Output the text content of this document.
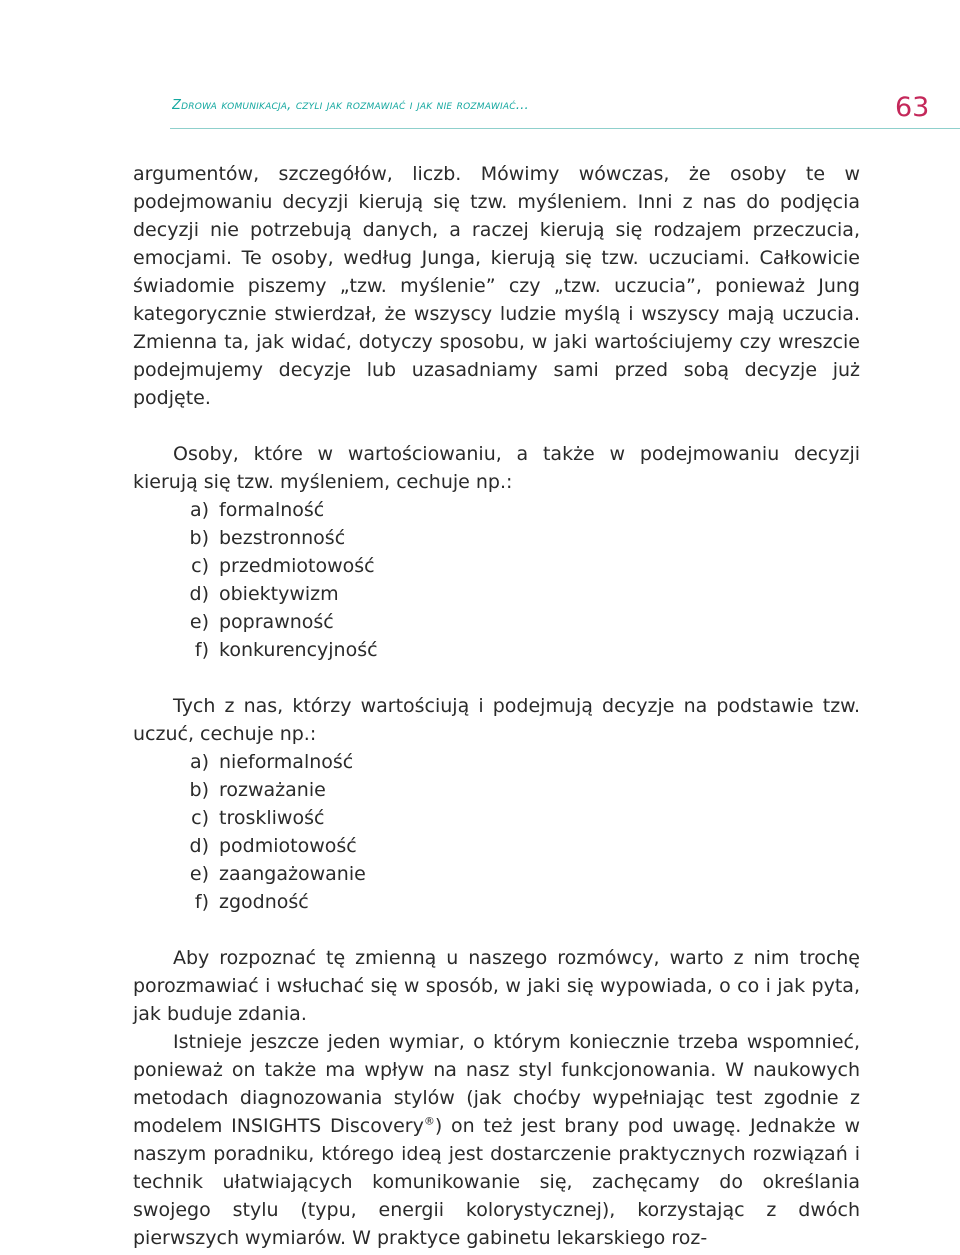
Zdrowa komunikacja, czyli jak rozmawiać i jak nie rozmawiać…	63

argumentów, szczegółów, liczb. Mówimy wówczas, że osoby te w podejmowaniu decyzji kierują się tzw. myśleniem. Inni z nas do podjęcia decyzji nie potrzebują danych, a raczej kierują się rodzajem przeczucia, emocjami. Te osoby, według Junga, kierują się tzw. uczuciami. Całkowicie świadomie piszemy „tzw. myślenie” czy „tzw. uczucia”, ponieważ Jung kategorycznie stwierdzał, że wszyscy ludzie myślą i wszyscy mają uczucia. Zmienna ta, jak widać, dotyczy sposobu, w jaki wartościujemy czy wreszcie podejmujemy decyzje lub uzasadniamy sami przed sobą decyzje już podjęte.

Osoby, które w wartościowaniu, a także w podejmowaniu decyzji kierują się tzw. myśleniem, cechuje np.:

a) formalność
b) bezstronność
c) przedmiotowość
d) obiektywizm
e) poprawność
f) konkurencyjność

Tych z nas, którzy wartościują i podejmują decyzje na podstawie tzw. uczuć, cechuje np.:

a) nieformalność
b) rozważanie
c) troskliwość
d) podmiotowość
e) zaangażowanie
f) zgodność

Aby rozpoznać tę zmienną u naszego rozmówcy, warto z nim trochę porozmawiać i wsłuchać się w sposób, w jaki się wypowiada, o co i jak pyta, jak buduje zdania.

Istnieje jeszcze jeden wymiar, o którym koniecznie trzeba wspomnieć, ponieważ on także ma wpływ na nasz styl funkcjonowania. W naukowych metodach diagnozowania stylów (jak choćby wypełniając test zgodnie z modelem INSIGHTS Discovery®) on też jest brany pod uwagę. Jednakże w naszym poradniku, którego ideą jest dostarczenie praktycznych rozwiązań i technik ułatwiających komunikowanie się, zachęcamy do określania swojego stylu (typu, energii kolorystycznej), korzystając z dwóch pierwszych wymiarów. W praktyce gabinetu lekarskiego roz-
